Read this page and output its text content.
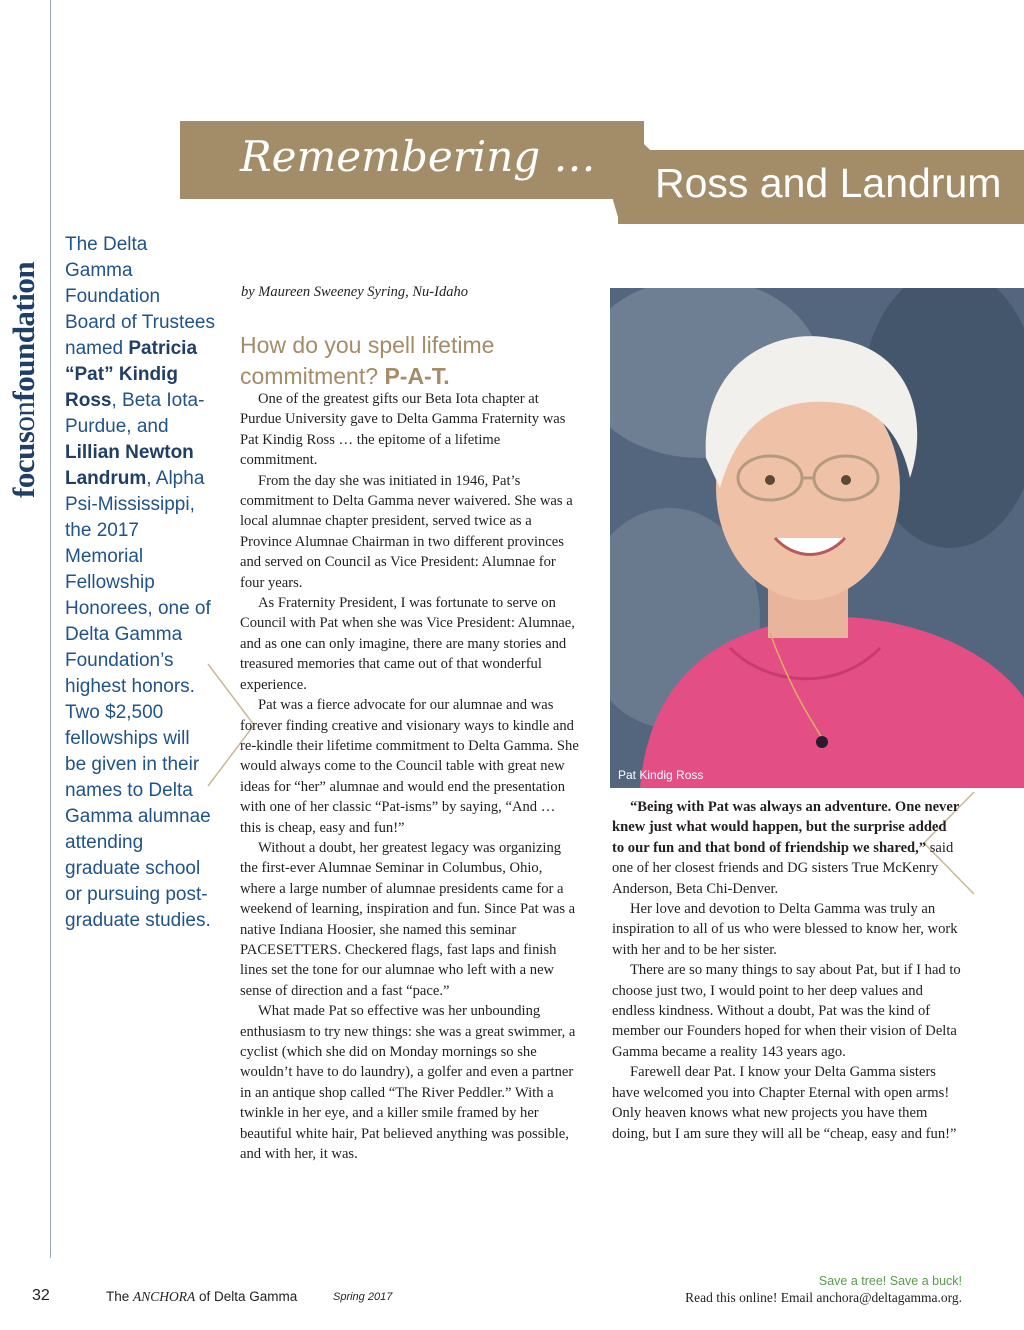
focusonfoundation
Remembering …
Ross and Landrum
The Delta Gamma Foundation Board of Trustees named Patricia “Pat” Kindig Ross, Beta Iota-Purdue, and Lillian Newton Landrum, Alpha Psi-Mississippi, the 2017 Memorial Fellowship Honorees, one of Delta Gamma Foundation’s highest honors. Two $2,500 fellowships will be given in their names to Delta Gamma alumnae attending graduate school or pursuing post-graduate studies.
by Maureen Sweeney Syring, Nu-Idaho
How do you spell lifetime commitment? P-A-T.

One of the greatest gifts our Beta Iota chapter at Purdue University gave to Delta Gamma Fraternity was Pat Kindig Ross … the epitome of a lifetime commitment.

From the day she was initiated in 1946, Pat’s commitment to Delta Gamma never waivered. She was a local alumnae chapter president, served twice as a Province Alumnae Chairman in two different provinces and served on Council as Vice President: Alumnae for four years.

As Fraternity President, I was fortunate to serve on Council with Pat when she was Vice President: Alumnae, and as one can only imagine, there are many stories and treasured memories that came out of that wonderful experience.

Pat was a fierce advocate for our alumnae and was forever finding creative and visionary ways to kindle and re-kindle their lifetime commitment to Delta Gamma. She would always come to the Council table with great new ideas for “her” alumnae and would end the presentation with one of her classic “Pat-isms” by saying, “And … this is cheap, easy and fun!”

Without a doubt, her greatest legacy was organizing the first-ever Alumnae Seminar in Columbus, Ohio, where a large number of alumnae presidents came for a weekend of learning, inspiration and fun. Since Pat was a native Indiana Hoosier, she named this seminar PACESETTERS. Checkered flags, fast laps and finish lines set the tone for our alumnae who left with a new sense of direction and a fast “pace.”

What made Pat so effective was her unbounding enthusiasm to try new things: she was a great swimmer, a cyclist (which she did on Monday mornings so she wouldn’t have to do laundry), a golfer and even a partner in an antique shop called “The River Peddler.” With a twinkle in her eye, and a killer smile framed by her beautiful white hair, Pat believed anything was possible, and with her, it was.

Pat Kindig Ross

“Being with Pat was always an adventure. One never knew just what would happen, but the surprise added to our fun and that bond of friendship we shared,” said one of her closest friends and DG sisters True McKenry Anderson, Beta Chi-Denver.

Her love and devotion to Delta Gamma was truly an inspiration to all of us who were blessed to know her, work with her and to be her sister.

There are so many things to say about Pat, but if I had to choose just two, I would point to her deep values and endless kindness. Without a doubt, Pat was the kind of member our Founders hoped for when their vision of Delta Gamma became a reality 143 years ago.

Farewell dear Pat. I know your Delta Gamma sisters have welcomed you into Chapter Eternal with open arms! Only heaven knows what new projects you have them doing, but I am sure they will all be “cheap, easy and fun!”

32	The ANCHORA of Delta Gamma	Spring 2017
Save a tree! Save a buck!
Read this online! Email anchora@deltagamma.org.
